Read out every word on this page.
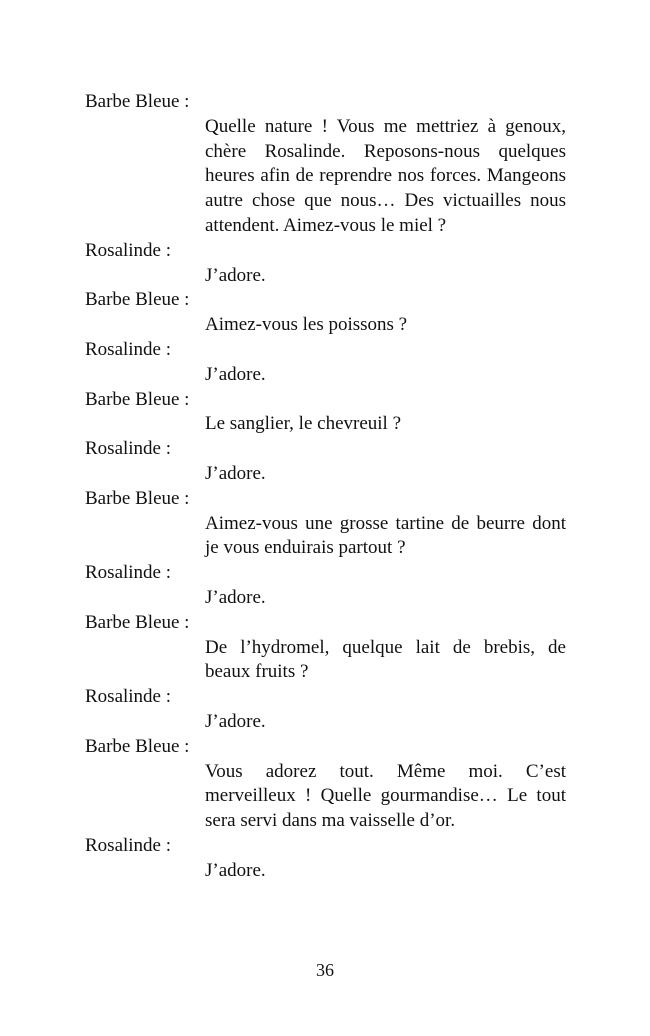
Barbe Bleue :
Quelle nature ! Vous me mettriez à genoux, chère Rosalinde. Reposons-nous quelques heures afin de reprendre nos forces. Mangeons autre chose que nous… Des victuailles nous attendent. Aimez-vous le miel ?
Rosalinde :
J’adore.
Barbe Bleue :
Aimez-vous les poissons ?
Rosalinde :
J’adore.
Barbe Bleue :
Le sanglier, le chevreuil ?
Rosalinde :
J’adore.
Barbe Bleue :
Aimez-vous une grosse tartine de beurre dont je vous enduirais partout ?
Rosalinde :
J’adore.
Barbe Bleue :
De l’hydromel, quelque lait de brebis, de beaux fruits ?
Rosalinde :
J’adore.
Barbe Bleue :
Vous adorez tout. Même moi. C’est merveilleux ! Quelle gourmandise… Le tout sera servi dans ma vaisselle d’or.
Rosalinde :
J’adore.
36
